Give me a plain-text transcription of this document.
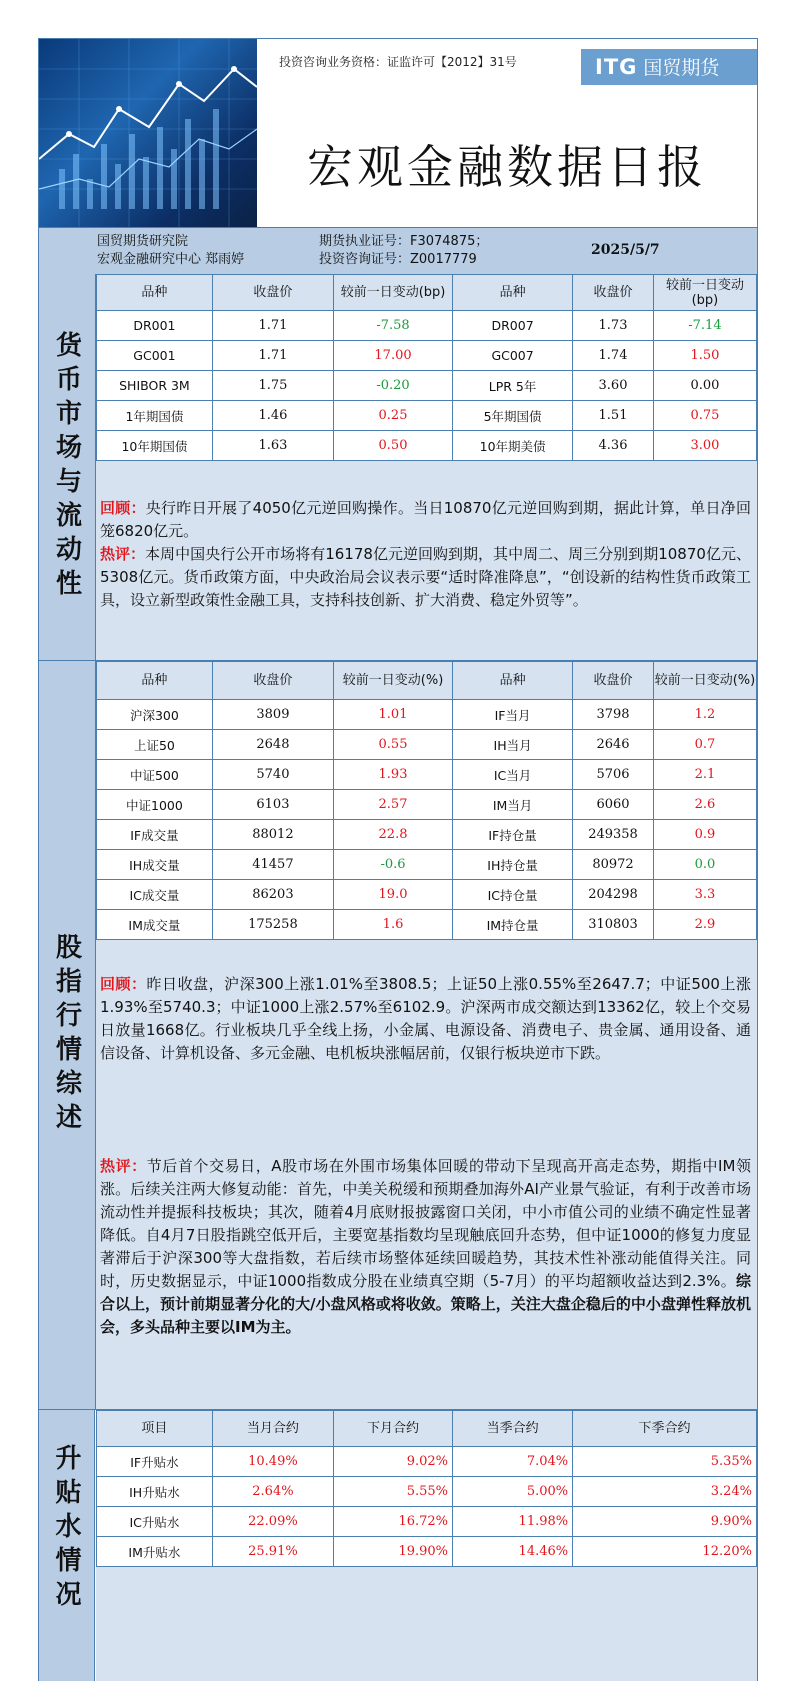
投资咨询业务资格：证监许可【2012】31号	ITG 国贸期货
宏观金融数据日报
国贸期货研究院
宏观金融研究中心 郑雨婷
期货执业证号：F3074875；
投资咨询证号：Z0017779
2025/5/7
货币市场与流动性
品种	收盘价	较前一日变动(bp)	品种	收盘价	较前一日变动(bp)
DR001	1.71	-7.58	DR007	1.73	-7.14
GC001	1.71	17.00	GC007	1.74	1.50
SHIBOR 3M	1.75	-0.20	LPR 5年	3.60	0.00
1年期国债	1.46	0.25	5年期国债	1.51	0.75
10年期国债	1.63	0.50	10年期美债	4.36	3.00
回顾：央行昨日开展了4050亿元逆回购操作。当日10870亿元逆回购到期，据此计算，单日净回笼6820亿元。
热评：本周中国央行公开市场将有16178亿元逆回购到期，其中周二、周三分别到期10870亿元、5308亿元。货币政策方面，中央政治局会议表示要“适时降准降息”，“创设新的结构性货币政策工具，设立新型政策性金融工具，支持科技创新、扩大消费、稳定外贸等”。
股指行情综述
品种	收盘价	较前一日变动(%)	品种	收盘价	较前一日变动(%)
沪深300	3809	1.01	IF当月	3798	1.2
上证50	2648	0.55	IH当月	2646	0.7
中证500	5740	1.93	IC当月	5706	2.1
中证1000	6103	2.57	IM当月	6060	2.6
IF成交量	88012	22.8	IF持仓量	249358	0.9
IH成交量	41457	-0.6	IH持仓量	80972	0.0
IC成交量	86203	19.0	IC持仓量	204298	3.3
IM成交量	175258	1.6	IM持仓量	310803	2.9
回顾：昨日收盘，沪深300上涨1.01%至3808.5；上证50上涨0.55%至2647.7；中证500上涨1.93%至5740.3；中证1000上涨2.57%至6102.9。沪深两市成交额达到13362亿，较上个交易日放量1668亿。行业板块几乎全线上扬，小金属、电源设备、消费电子、贵金属、通用设备、通信设备、计算机设备、多元金融、电机板块涨幅居前，仅银行板块逆市下跌。
热评：节后首个交易日，A股市场在外围市场集体回暖的带动下呈现高开高走态势，期指中IM领涨。后续关注两大修复动能：首先，中美关税缓和预期叠加海外AI产业景气验证，有利于改善市场流动性并提振科技板块；其次，随着4月底财报披露窗口关闭，中小市值公司的业绩不确定性显著降低。自4月7日股指跳空低开后，主要宽基指数均呈现触底回升态势，但中证1000的修复力度显著滞后于沪深300等大盘指数，若后续市场整体延续回暖趋势，其技术性补涨动能值得关注。同时，历史数据显示，中证1000指数成分股在业绩真空期（5-7月）的平均超额收益达到2.3%。综合以上，预计前期显著分化的大/小盘风格或将收敛。策略上，关注大盘企稳后的中小盘弹性释放机会，多头品种主要以IM为主。
升贴水情况
项目	当月合约	下月合约	当季合约	下季合约
IF升贴水	10.49%	9.02%	7.04%	5.35%
IH升贴水	2.64%	5.55%	5.00%	3.24%
IC升贴水	22.09%	16.72%	11.98%	9.90%
IM升贴水	25.91%	19.90%	14.46%	12.20%
